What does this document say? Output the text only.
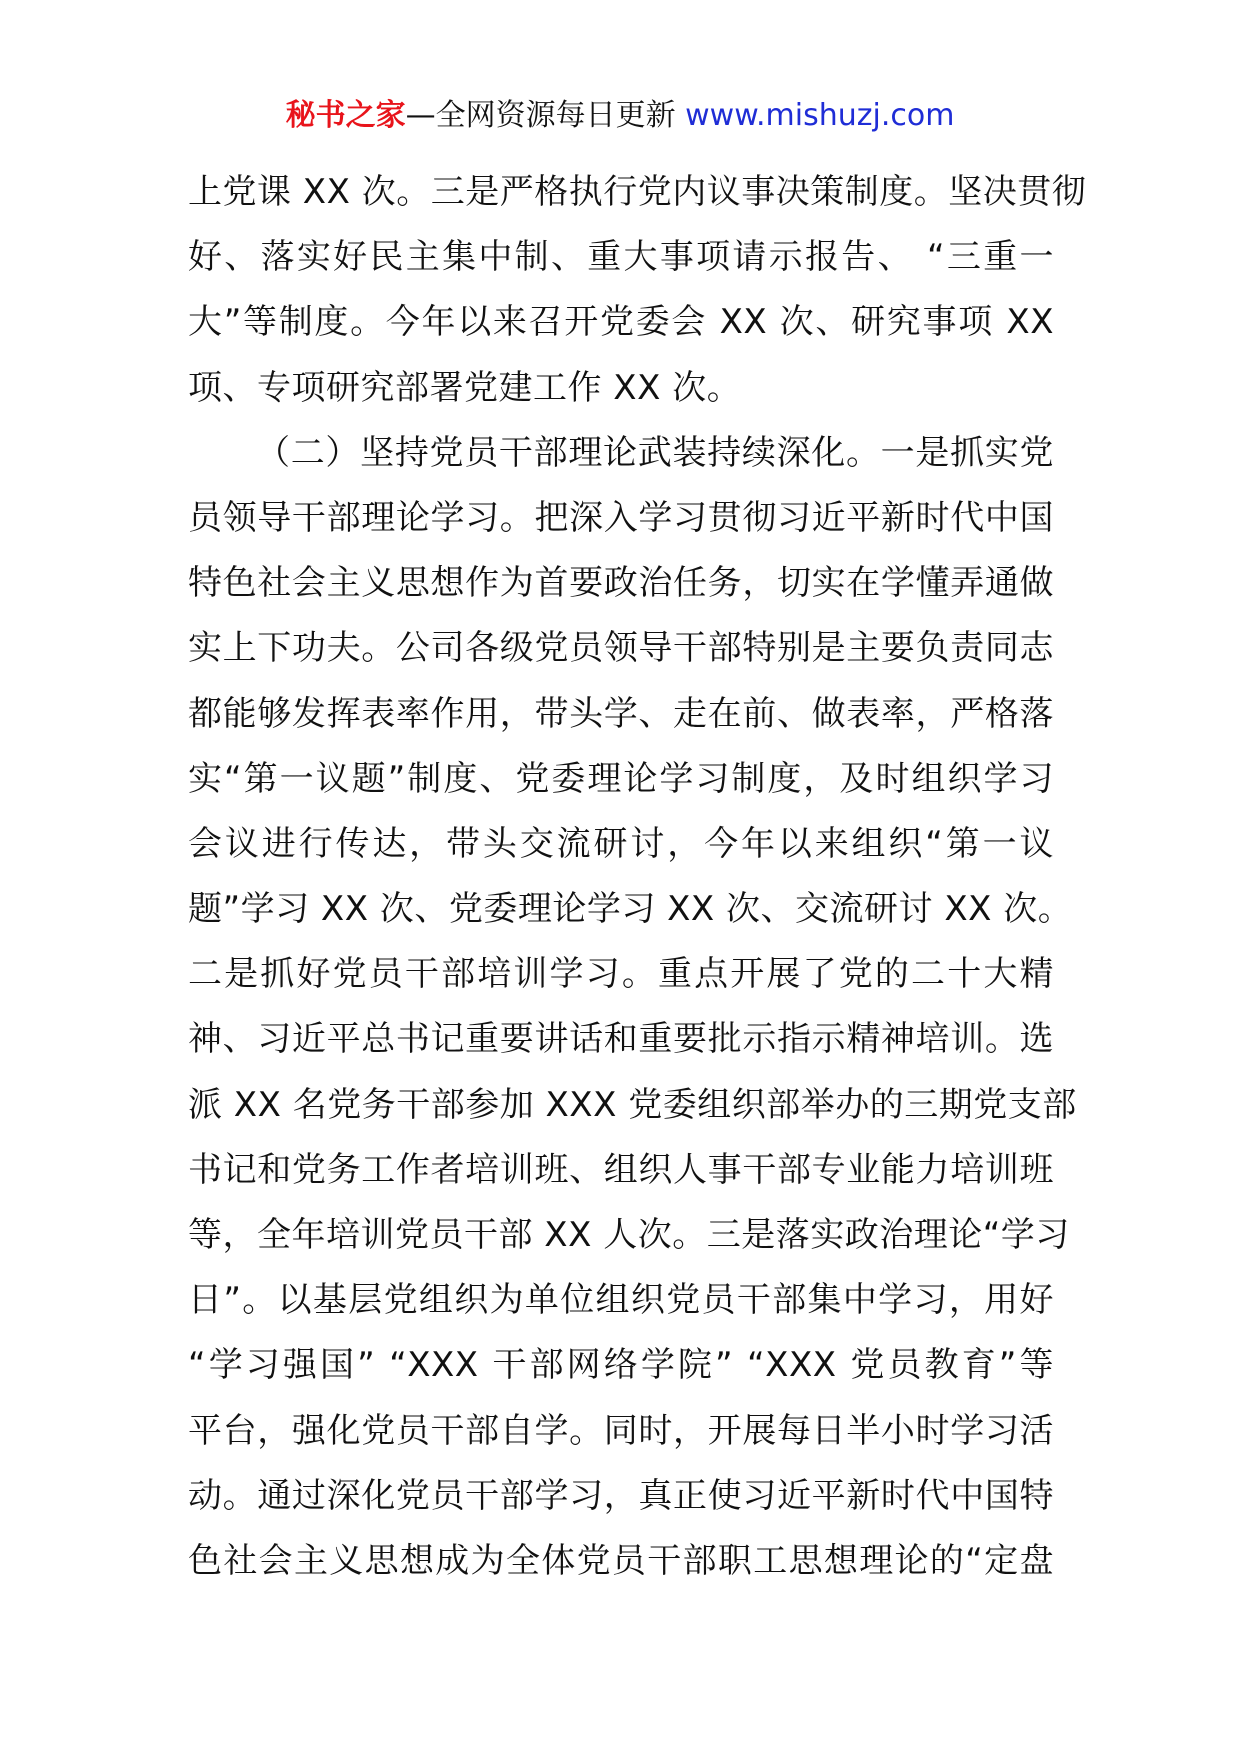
秘书之家—全网资源每日更新 www.mishuzj.com
上党课 XX 次。三是严格执行党内议事决策制度。坚决贯彻
好、落实好民主集中制、重大事项请示报告、 “三重一
大”等制度。今年以来召开党委会 XX 次、研究事项 XX
项、专项研究部署党建工作 XX 次。
（二）坚持党员干部理论武装持续深化。一是抓实党
员领导干部理论学习。把深入学习贯彻习近平新时代中国
特色社会主义思想作为首要政治任务，切实在学懂弄通做
实上下功夫。公司各级党员领导干部特别是主要负责同志
都能够发挥表率作用，带头学、走在前、做表率，严格落
实“第一议题”制度、党委理论学习制度，及时组织学习
会议进行传达，带头交流研讨，今年以来组织“第一议
题”学习 XX 次、党委理论学习 XX 次、交流研讨 XX 次。
二是抓好党员干部培训学习。重点开展了党的二十大精
神、习近平总书记重要讲话和重要批示指示精神培训。选
派 XX 名党务干部参加 XXX 党委组织部举办的三期党支部
书记和党务工作者培训班、组织人事干部专业能力培训班
等，全年培训党员干部 XX 人次。三是落实政治理论“学习
日”。以基层党组织为单位组织党员干部集中学习，用好
“学习强国” “XXX 干部网络学院” “XXX 党员教育”等
平台，强化党员干部自学。同时，开展每日半小时学习活
动。通过深化党员干部学习，真正使习近平新时代中国特
色社会主义思想成为全体党员干部职工思想理论的“定盘
